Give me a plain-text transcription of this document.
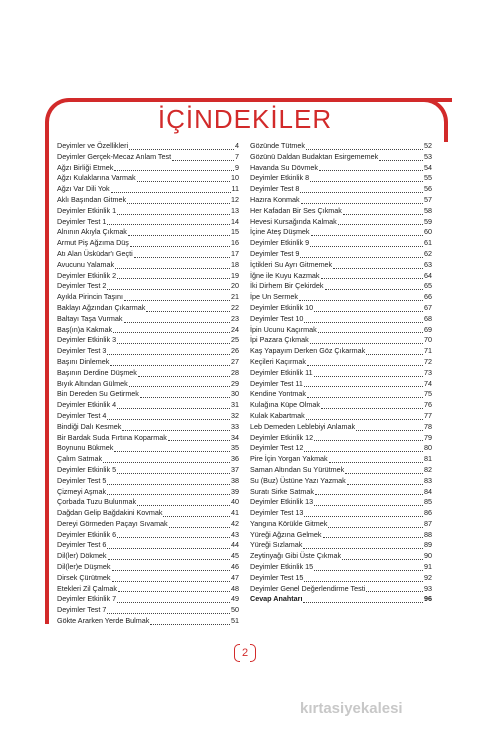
İÇİNDEKİLER
Deyimler ve Özellikleri	4
Deyimler Gerçek-Mecaz Anlam Test	7
Ağzı Birliği Etmek	9
Ağzı Kulaklarına Varmak	10
Ağzı Var Dili Yok	11
Aklı Başından Gitmek	12
Deyimler Etkinlik 1	13
Deyimler Test 1	14
Alnının Akıyla Çıkmak	15
Armut Piş Ağzıma Düş	16
Atı Alan Üsküdar'ı Geçti	17
Avucunu Yalamak	18
Deyimler Etkinlik 2	19
Deyimler Test 2	20
Ayıkla Pirincin Taşını	21
Baklayı Ağzından Çıkarmak	22
Baltayı Taşa Vurmak	23
Baş(ın)a Kakmak	24
Deyimler Etkinlik 3	25
Deyimler Test 3	26
Başını Dinlemek	27
Başının Derdine Düşmek	28
Bıyık Altından Gülmek	29
Bin Dereden Su Getirmek	30
Deyimler Etkinlik 4	31
Deyimler Test 4	32
Bindiği Dalı Kesmek	33
Bir Bardak Suda Fırtına Koparmak	34
Boynunu Bükmek	35
Çalım Satmak	36
Deyimler Etkinlik 5	37
Deyimler Test 5	38
Çizmeyi Aşmak	39
Çorbada Tuzu Bulunmak	40
Dağdan Gelip Bağdakini Kovmak	41
Dereyi Görmeden Paçayı Sıvamak	42
Deyimler Etkinlik 6	43
Deyimler Test 6	44
Dil(ler) Dökmek	45
Dil(ler)e Düşmek	46
Dirsek Çürütmek	47
Etekleri Zil Çalmak	48
Deyimler Etkinlik 7	49
Deyimler Test 7	50
Gökte Ararken Yerde Bulmak	51
Gözünde Tütmek	52
Gözünü Daldan Budaktan Esirgememek	53
Havanda Su Dövmek	54
Deyimler Etkinlik 8	55
Deyimler Test 8	56
Hazıra Konmak	57
Her Kafadan Bir Ses Çıkmak	58
Hevesi Kursağında Kalmak	59
İçine Ateş Düşmek	60
Deyimler Etkinlik 9	61
Deyimler Test 9	62
İçtikleri Su Ayrı Gitmemek	63
İğne ile Kuyu Kazmak	64
İki Dirhem Bir Çekirdek	65
İpe Un Sermek	66
Deyimler Etkinlik 10	67
Deyimler Test 10	68
İpin Ucunu Kaçırmak	69
İpi Pazara Çıkmak	70
Kaş Yapayım Derken Göz Çıkarmak	71
Keçileri Kaçırmak	72
Deyimler Etkinlik 11	73
Deyimler Test 11	74
Kendine Yontmak	75
Kulağına Küpe Olmak	76
Kulak Kabartmak	77
Leb Demeden Leblebiyi Anlamak	78
Deyimler Etkinlik 12	79
Deyimler Test 12	80
Pire İçin Yorgan Yakmak	81
Saman Altından Su Yürütmek	82
Su (Buz) Üstüne Yazı Yazmak	83
Suratı Sirke Satmak	84
Deyimler Etkinlik 13	85
Deyimler Test 13	86
Yangına Körükle Gitmek	87
Yüreği Ağzına Gelmek	88
Yüreği Sızlamak	89
Zeytinyağı Gibi Üste Çıkmak	90
Deyimler Etkinlik 15	91
Deyimler Test 15	92
Deyimler Genel Değerlendirme Testi	93
Cevap Anahtarı	96
2
kırtasiyekalesi
